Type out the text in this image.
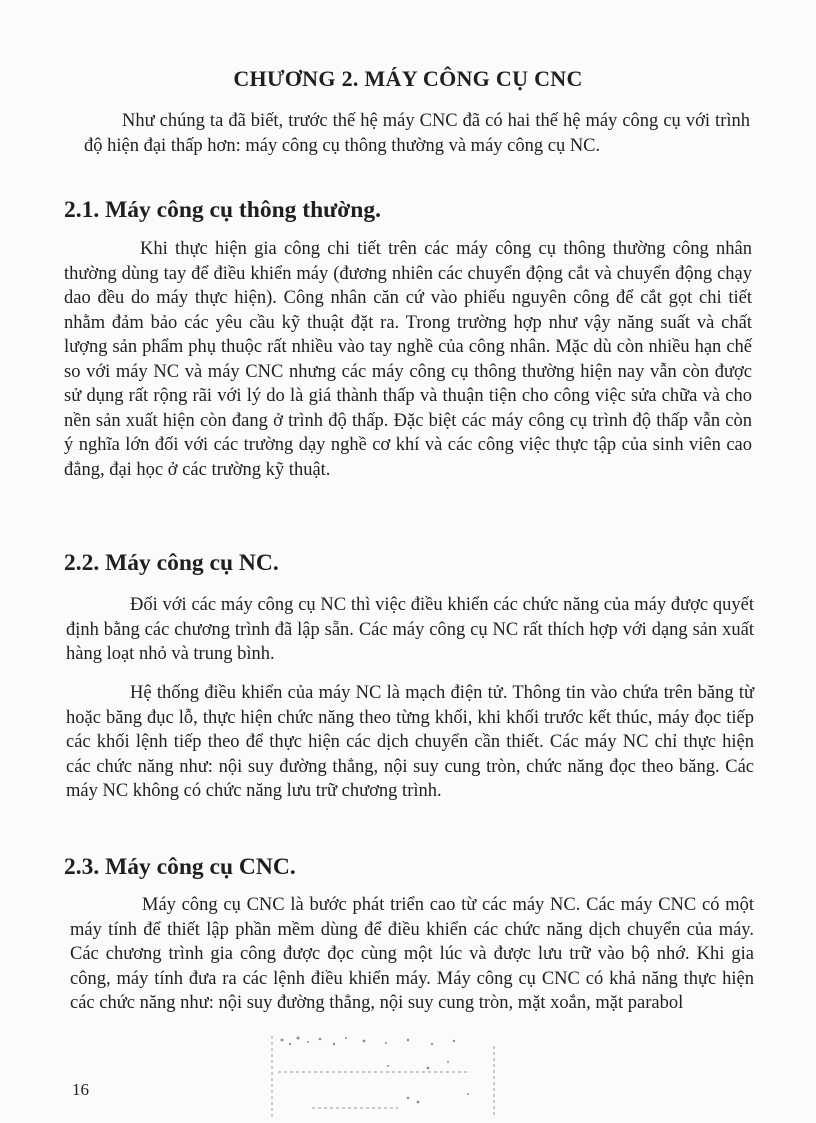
CHƯƠNG 2. MÁY CÔNG CỤ CNC

Như chúng ta đã biết, trước thế hệ máy CNC đã có hai thế hệ máy công cụ với trình độ hiện đại thấp hơn: máy công cụ thông thường và máy công cụ NC.

2.1. Máy công cụ thông thường.

Khi thực hiện gia công chi tiết trên các máy công cụ thông thường công nhân thường dùng tay để điều khiển máy (đương nhiên các chuyển động cắt và chuyển động chạy dao đều do máy thực hiện). Công nhân căn cứ vào phiếu nguyên công để cắt gọt chi tiết nhằm đảm bảo các yêu cầu kỹ thuật đặt ra. Trong trường hợp như vậy năng suất và chất lượng sản phẩm phụ thuộc rất nhiều vào tay nghề của công nhân. Mặc dù còn nhiều hạn chế so với máy NC và máy CNC nhưng các máy công cụ thông thường hiện nay vẫn còn được sử dụng rất rộng rãi với lý do là giá thành thấp và thuận tiện cho công việc sửa chữa và cho nền sản xuất hiện còn đang ở trình độ thấp. Đặc biệt các máy công cụ trình độ thấp vẫn còn ý nghĩa lớn đối với các trường dạy nghề cơ khí và các công việc thực tập của sinh viên cao đẳng, đại học ở các trường kỹ thuật.

2.2. Máy công cụ NC.

Đối với các máy công cụ NC thì việc điều khiển các chức năng của máy được quyết định bằng các chương trình đã lập sẵn. Các máy công cụ NC rất thích hợp với dạng sản xuất hàng loạt nhỏ và trung bình.

Hệ thống điều khiển của máy NC là mạch điện tử. Thông tin vào chứa trên băng từ hoặc băng đục lỗ, thực hiện chức năng theo từng khối, khi khối trước kết thúc, máy đọc tiếp các khối lệnh tiếp theo để thực hiện các dịch chuyển cần thiết. Các máy NC chỉ thực hiện các chức năng như: nội suy đường thẳng, nội suy cung tròn, chức năng đọc theo băng. Các máy NC không có chức năng lưu trữ chương trình.

2.3. Máy công cụ CNC.

Máy công cụ CNC là bước phát triển cao từ các máy NC. Các máy CNC có một máy tính để thiết lập phần mềm dùng để điều khiển các chức năng dịch chuyển của máy. Các chương trình gia công được đọc cùng một lúc và được lưu trữ vào bộ nhớ. Khi gia công, máy tính đưa ra các lệnh điều khiển máy. Máy công cụ CNC có khả năng thực hiện các chức năng như: nội suy đường thẳng, nội suy cung tròn, mặt xoắn, mặt parabol

16
